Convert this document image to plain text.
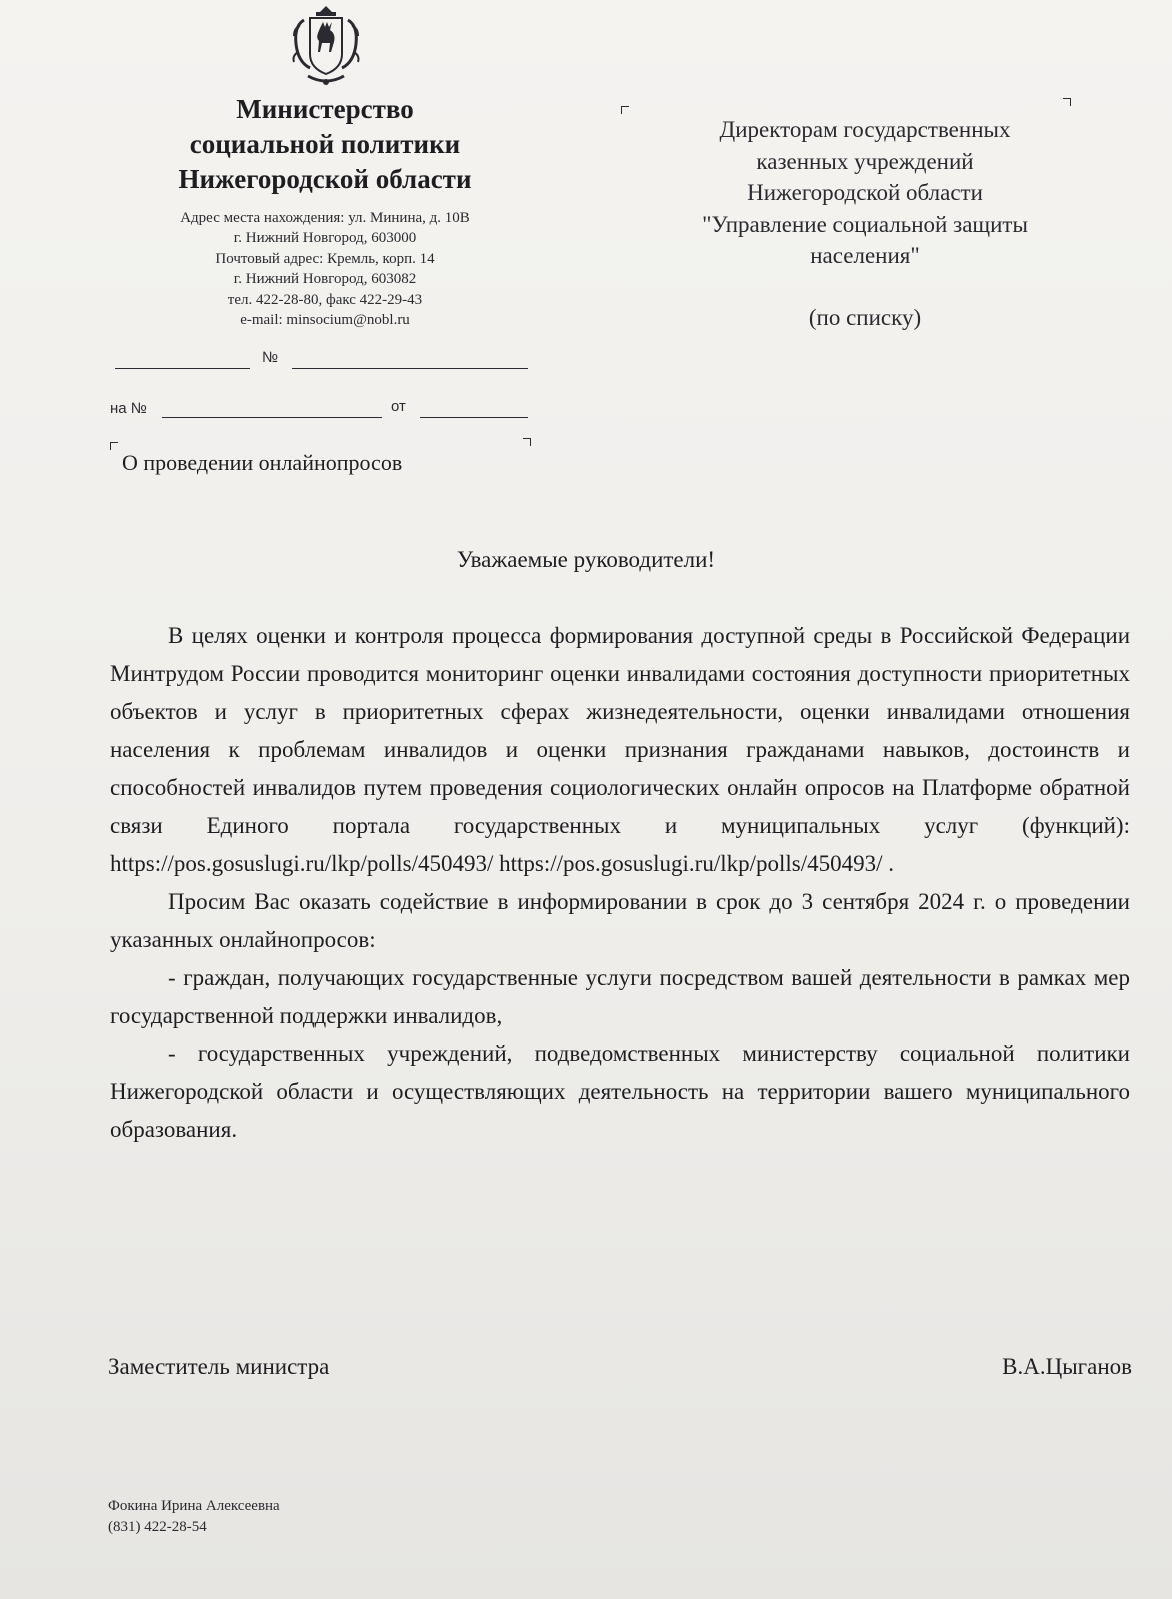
Министерство
социальной политики
Нижегородской области
Адрес места нахождения: ул. Минина, д. 10В
г. Нижний Новгород, 603000
Почтовый адрес: Кремль, корп. 14
г. Нижний Новгород, 603082
тел. 422-28-80, факс 422-29-43
e-mail: minsocium@nobl.ru
№
на №	от
Директорам государственных
казенных учреждений
Нижегородской области
"Управление социальной защиты
населения"
(по списку)
О проведении онлайнопросов
Уважаемые руководители!

В целях оценки и контроля процесса формирования доступной среды в Российской Федерации Минтрудом России проводится мониторинг оценки инвалидами состояния доступности приоритетных объектов и услуг в приоритетных сферах жизнедеятельности, оценки инвалидами отношения населения к проблемам инвалидов и оценки признания гражданами навыков, достоинств и способностей инвалидов путем проведения социологических онлайн опросов на Платформе обратной связи Единого портала государственных и муниципальных услуг (функций): https://pos.gosuslugi.ru/lkp/polls/450493/ https://pos.gosuslugi.ru/lkp/polls/450493/ .

Просим Вас оказать содействие в информировании в срок до 3 сентября 2024 г. о проведении указанных онлайнопросов:

- граждан, получающих государственные услуги посредством вашей деятельности в рамках мер государственной поддержки инвалидов,

- государственных учреждений, подведомственных министерству социальной политики Нижегородской области и осуществляющих деятельность на территории вашего муниципального образования.

Заместитель министра	В.А.Цыганов
Фокина Ирина Алексеевна
(831) 422-28-54
